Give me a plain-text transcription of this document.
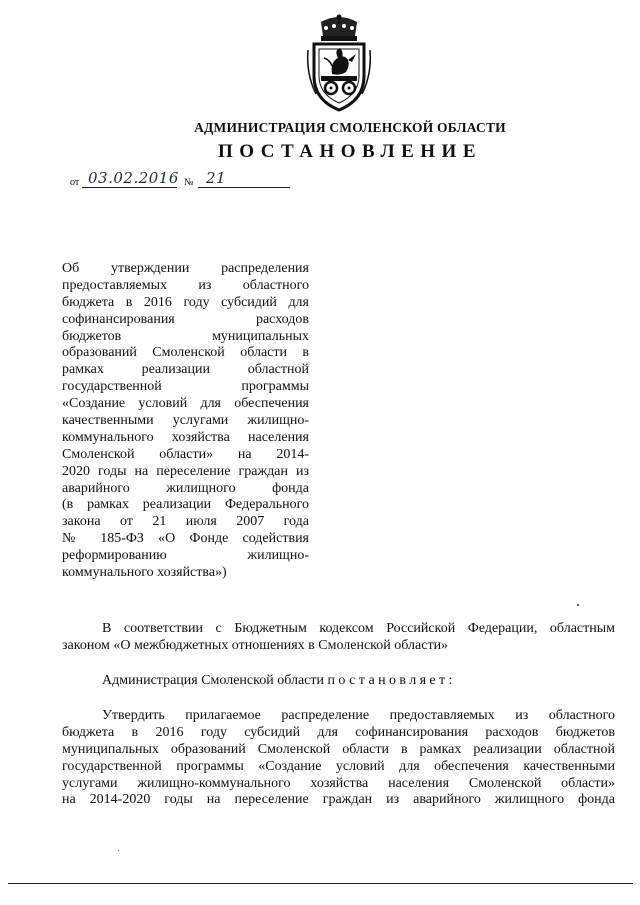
АДМИНИСТРАЦИЯ СМОЛЕНСКОЙ ОБЛАСТИ
ПОСТАНОВЛЕНИЕ
от 03.02.2016 № 21
Об утверждении распределения
предоставляемых из областного
бюджета в 2016 году субсидий для
софинансирования расходов
бюджетов муниципальных
образований Смоленской области в
рамках реализации областной
государственной программы
«Создание условий для обеспечения
качественными услугами жилищно-
коммунального хозяйства населения
Смоленской области» на 2014-
2020 годы на переселение граждан из
аварийного жилищного фонда
(в рамках реализации Федерального
закона от 21 июля 2007 года
№ 185-ФЗ «О Фонде содействия
реформированию жилищно-
коммунального хозяйства»)
В соответствии с Бюджетным кодексом Российской Федерации, областным
законом «О межбюджетных отношениях в Смоленской области»
Администрация Смоленской области постановляет:
Утвердить прилагаемое распределение предоставляемых из областного
бюджета в 2016 году субсидий для софинансирования расходов бюджетов
муниципальных образований Смоленской области в рамках реализации областной
государственной программы «Создание условий для обеспечения качественными
услугами жилищно-коммунального хозяйства населения Смоленской области»
на 2014-2020 годы на переселение граждан из аварийного жилищного фонда
